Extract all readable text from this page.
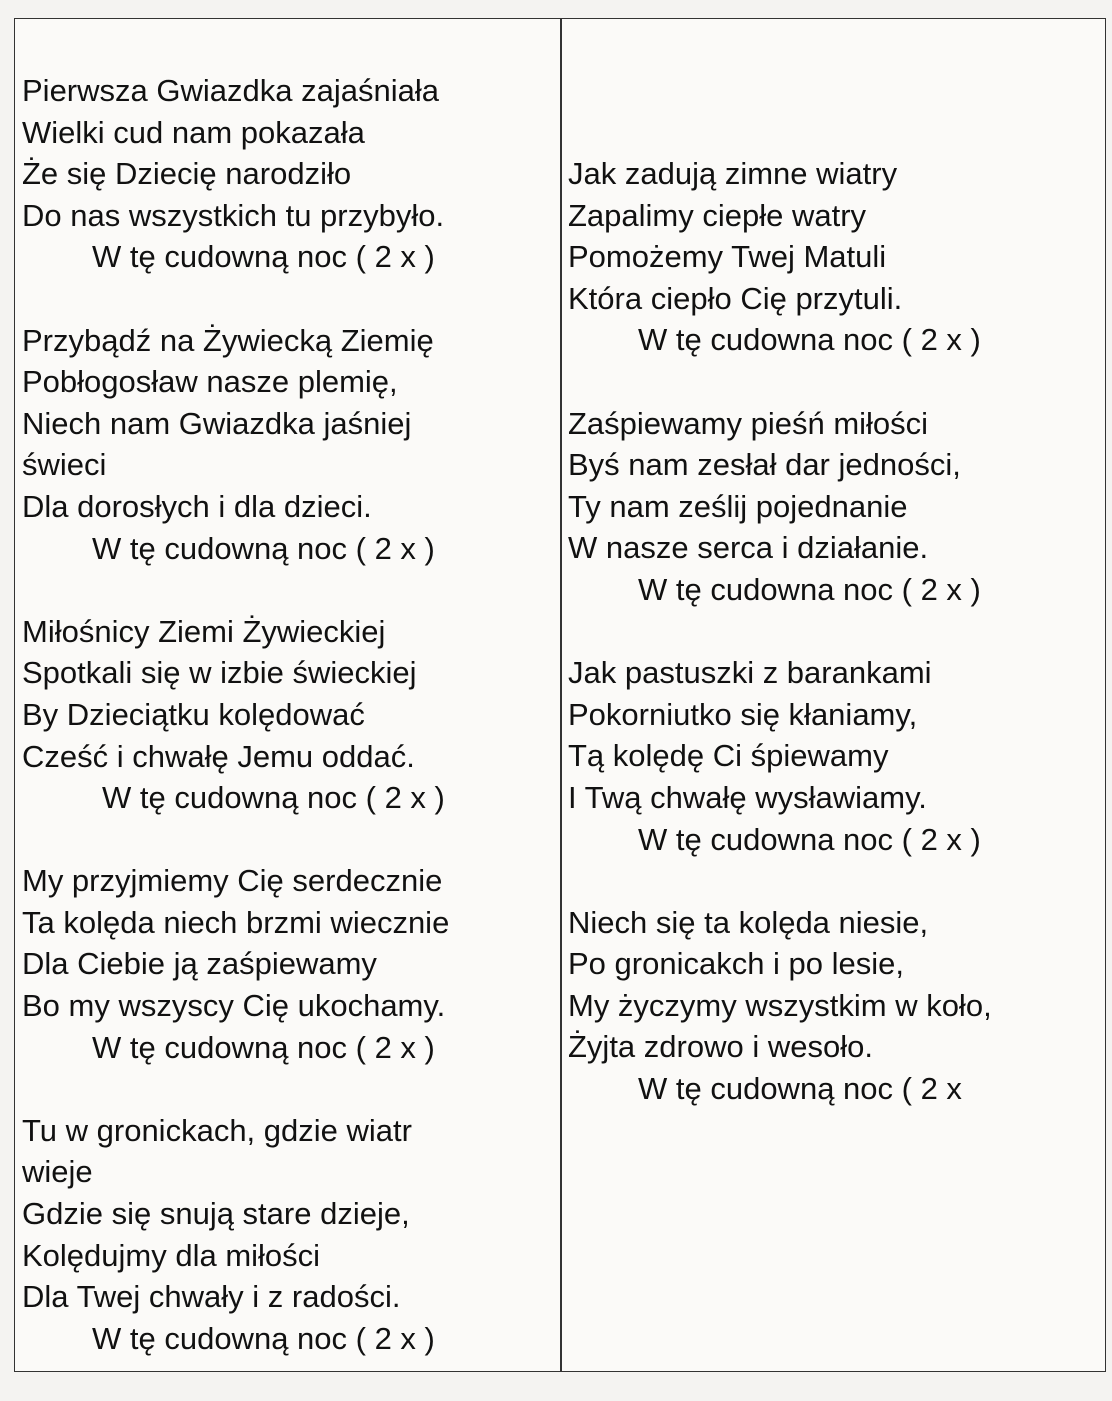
Pierwsza Gwiazdka zajaśniała
Wielki cud nam pokazała
Że się Dziecię narodziło
Do nas wszystkich tu przybyło.
W tę cudowną noc ( 2 x )
Przybądź na Żywiecką Ziemię
Pobłogosław nasze plemię,
Niech nam Gwiazdka jaśniej
świeci
Dla dorosłych i dla dzieci.
W tę cudowną noc ( 2 x )
Miłośnicy Ziemi Żywieckiej
Spotkali się w izbie świeckiej
By Dzieciątku kolędować
Cześć i chwałę Jemu oddać.
W tę cudowną noc ( 2 x )
My przyjmiemy Cię serdecznie
Ta kolęda niech brzmi wiecznie
Dla Ciebie ją zaśpiewamy
Bo my wszyscy Cię ukochamy.
W tę cudowną noc ( 2 x )
Tu w gronickach, gdzie wiatr
wieje
Gdzie się snują stare dzieje,
Kolędujmy dla miłości
Dla Twej chwały i z radości.
W tę cudowną noc ( 2 x )
Jak zadują zimne wiatry
Zapalimy ciepłe watry
Pomożemy Twej Matuli
Która ciepło Cię przytuli.
W tę cudowna noc ( 2 x )
Zaśpiewamy pieśń miłości
Byś nam zesłał dar jedności,
Ty nam ześlij pojednanie
W nasze serca i działanie.
W tę cudowna noc ( 2 x )
Jak pastuszki z barankami
Pokorniutko się kłaniamy,
Tą kolędę Ci śpiewamy
I Twą chwałę wysławiamy.
W tę cudowna noc ( 2 x )
Niech się ta kolęda niesie,
Po gronicakch i po lesie,
My życzymy wszystkim w koło,
Żyjta zdrowo i wesoło.
W tę cudowną noc ( 2 x
